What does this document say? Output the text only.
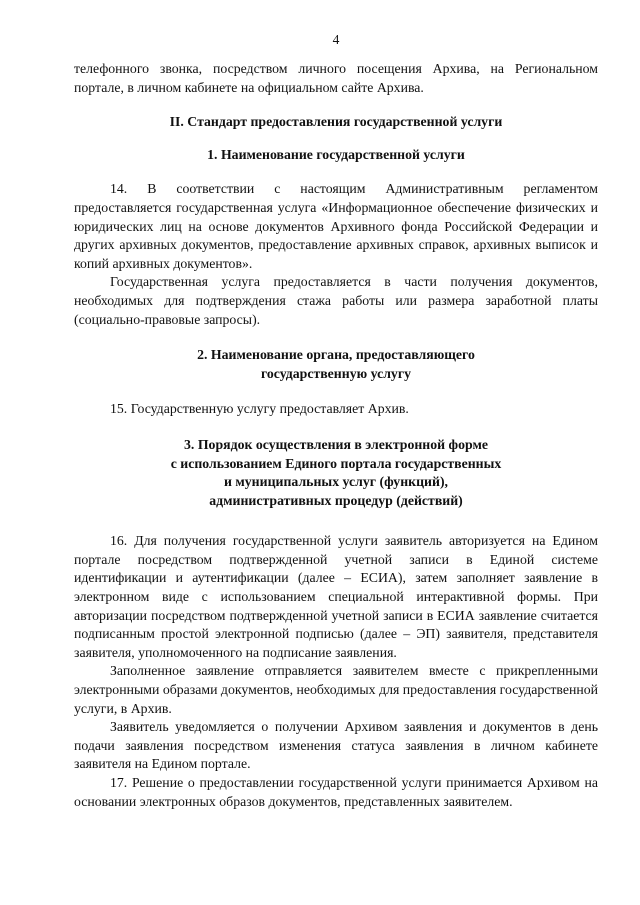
4

телефонного звонка, посредством личного посещения Архива, на Региональном портале, в личном кабинете на официальном сайте Архива.

II. Стандарт предоставления государственной услуги
1. Наименование государственной услуги

14. В соответствии с настоящим Административным регламентом предоставляется государственная услуга «Информационное обеспечение физических и юридических лиц на основе документов Архивного фонда Российской Федерации и других архивных документов, предоставление архивных справок, архивных выписок и копий архивных документов».

Государственная услуга предоставляется в части получения документов, необходимых для подтверждения стажа работы или размера заработной платы (социально-правовые запросы).

2. Наименование органа, предоставляющего
государственную услугу

15. Государственную услугу предоставляет Архив.

3. Порядок осуществления в электронной форме
с использованием Единого портала государственных
и муниципальных услуг (функций),
административных процедур (действий)

16. Для получения государственной услуги заявитель авторизуется на Едином портале посредством подтвержденной учетной записи в Единой системе идентификации и аутентификации (далее – ЕСИА), затем заполняет заявление в электронном виде с использованием специальной интерактивной формы. При авторизации посредством подтвержденной учетной записи в ЕСИА заявление считается подписанным простой электронной подписью (далее – ЭП) заявителя, представителя заявителя, уполномоченного на подписание заявления.

Заполненное заявление отправляется заявителем вместе с прикрепленными электронными образами документов, необходимых для предоставления государственной услуги, в Архив.

Заявитель уведомляется о получении Архивом заявления и документов в день подачи заявления посредством изменения статуса заявления в личном кабинете заявителя на Едином портале.

17. Решение о предоставлении государственной услуги принимается Архивом на основании электронных образов документов, представленных заявителем.
